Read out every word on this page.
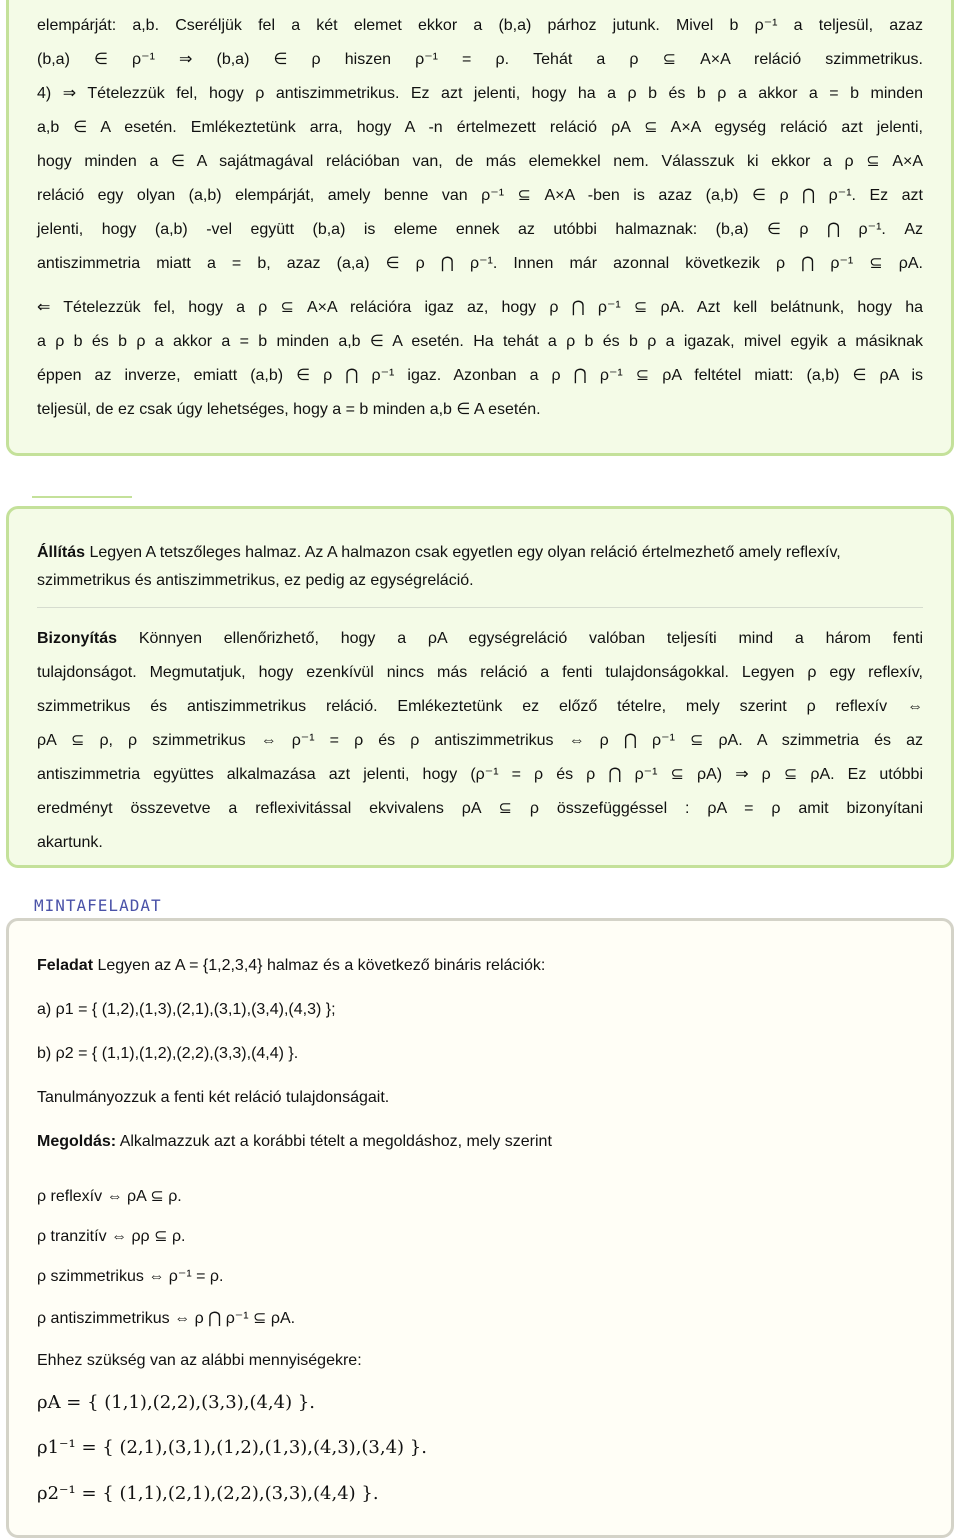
elempárját: a,b. Cseréljük fel a két elemet ekkor a (b,a) párhoz jutunk. Mivel b ρ⁻¹ a teljesül, azaz
(b,a) ∈ ρ⁻¹ ⇒ (b,a) ∈ ρ hiszen ρ⁻¹ = ρ. Tehát a ρ ⊆ A×A reláció szimmetrikus.
4) ⇒ Tételezzük fel, hogy ρ antiszimmetrikus. Ez azt jelenti, hogy ha a ρ b és b ρ a akkor a = b minden
a,b ∈ A esetén. Emlékeztetünk arra, hogy A -n értelmezett reláció ρA ⊆ A×A egység reláció azt jelenti,
hogy minden a ∈ A sajátmagával relációban van, de más elemekkel nem. Válasszuk ki ekkor a ρ ⊆ A×A
reláció egy olyan (a,b) elempárját, amely benne van ρ⁻¹ ⊆ A×A -ben is azaz (a,b) ∈ ρ ⋂ ρ⁻¹. Ez azt
jelenti, hogy (a,b) -vel együtt (b,a) is eleme ennek az utóbbi halmaznak: (b,a) ∈ ρ ⋂ ρ⁻¹. Az
antiszimmetria miatt a = b, azaz (a,a) ∈ ρ ⋂ ρ⁻¹. Innen már azonnal következik ρ ⋂ ρ⁻¹ ⊆ ρA.
⇐ Tételezzük fel, hogy a ρ ⊆ A×A relációra igaz az, hogy ρ ⋂ ρ⁻¹ ⊆ ρA. Azt kell belátnunk, hogy ha
a ρ b és b ρ a akkor a = b minden a,b ∈ A esetén. Ha tehát a ρ b és b ρ a igazak, mivel egyik a másiknak
éppen az inverze, emiatt (a,b) ∈ ρ ⋂ ρ⁻¹ igaz. Azonban a ρ ⋂ ρ⁻¹ ⊆ ρA feltétel miatt: (a,b) ∈ ρA is
teljesül, de ez csak úgy lehetséges, hogy a = b minden a,b ∈ A esetén.
Állítás Legyen A tetszőleges halmaz. Az A halmazon csak egyetlen egy olyan reláció értelmezhető amely reflexív, szimmetrikus és antiszimmetrikus, ez pedig az egységreláció.
Bizonyítás Könnyen ellenőrizhető, hogy a ρA egységreláció valóban teljesíti mind a három fenti
tulajdonságot. Megmutatjuk, hogy ezenkívül nincs más reláció a fenti tulajdonságokkal. Legyen ρ egy reflexív,
szimmetrikus és antiszimmetrikus reláció. Emlékeztetünk ez előző tételre, mely szerint ρ reflexív ⇔
ρA ⊆ ρ, ρ szimmetrikus ⇔ ρ⁻¹ = ρ és ρ antiszimmetrikus ⇔ ρ ⋂ ρ⁻¹ ⊆ ρA. A szimmetria és az
antiszimmetria együttes alkalmazása azt jelenti, hogy (ρ⁻¹ = ρ és ρ ⋂ ρ⁻¹ ⊆ ρA) ⇒ ρ ⊆ ρA. Ez utóbbi
eredményt összevetve a reflexivitással ekvivalens ρA ⊆ ρ összefüggéssel : ρA = ρ amit bizonyítani
akartunk.
MINTAFELADAT
Feladat Legyen az A = {1,2,3,4} halmaz és a következő bináris relációk:
a) ρ1 = { (1,2),(1,3),(2,1),(3,1),(3,4),(4,3) };
b) ρ2 = { (1,1),(1,2),(2,2),(3,3),(4,4) }.
Tanulmányozzuk a fenti két reláció tulajdonságait.
Megoldás: Alkalmazzuk azt a korábbi tételt a megoldáshoz, mely szerint
ρ reflexív ⇔ ρA ⊆ ρ.
ρ tranzitív ⇔ ρρ ⊆ ρ.
ρ szimmetrikus ⇔ ρ⁻¹ = ρ.
ρ antiszimmetrikus ⇔ ρ ⋂ ρ⁻¹ ⊆ ρA.
Ehhez szükség van az alábbi mennyiségekre:
ρA = { (1,1),(2,2),(3,3),(4,4) }.
ρ1⁻¹ = { (2,1),(3,1),(1,2),(1,3),(4,3),(3,4) }.
ρ2⁻¹ = { (1,1),(2,1),(2,2),(3,3),(4,4) }.
